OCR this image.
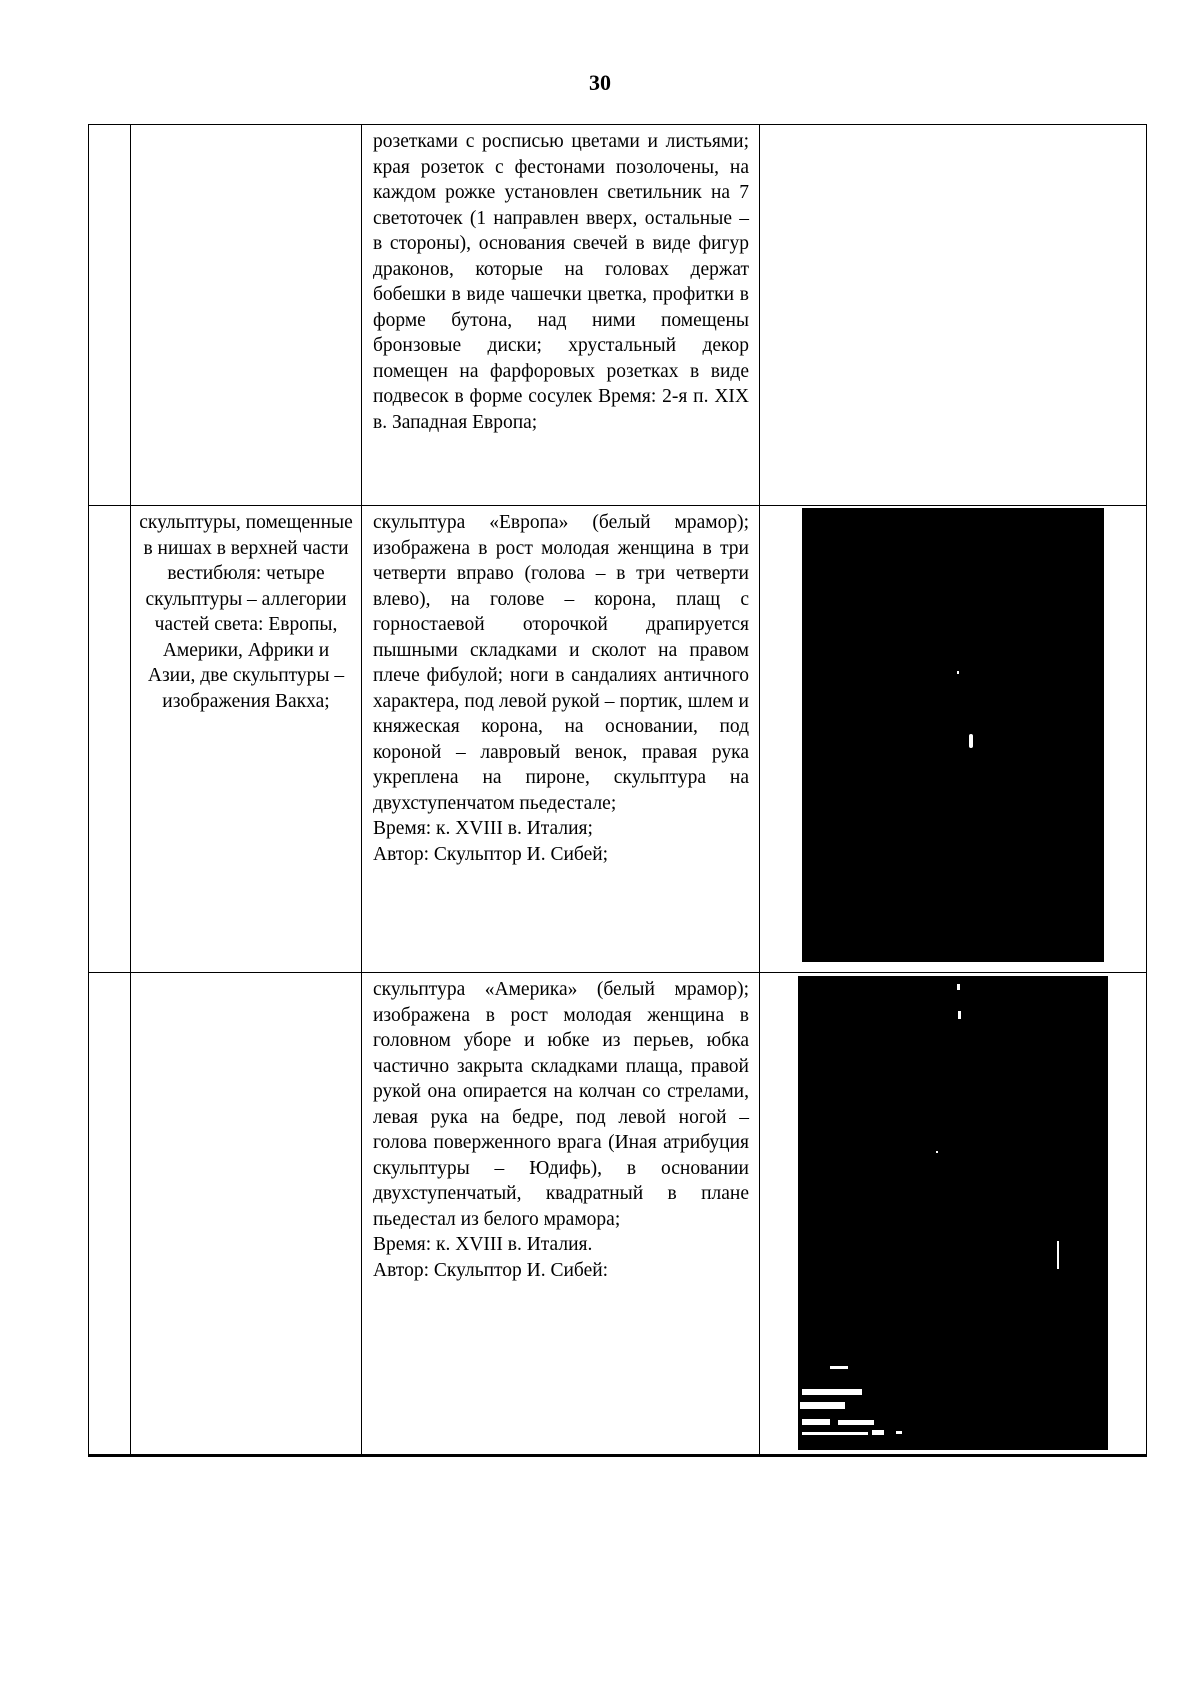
30

		розетками с росписью цветами и листьями; края розеток с фестонами позолочены, на каждом рожке установлен светильник на 7 светоточек (1 направлен вверх, остальные – в стороны), основания свечей в виде фигур драконов, которые на головах держат бобешки в виде чашечки цветка, профитки в форме бутона, над ними помещены бронзовые диски; хрустальный декор помещен на фарфоровых розетках в виде подвесок в форме сосулек Время: 2-я п. XIX в. Западная Европа;	

	скульптуры, помещенные в нишах в верхней части вестибюля: четыре скульптуры – аллегории частей света: Европы, Америки, Африки и Азии, две скульптуры – изображения Вакха;	скульптура «Европа» (белый мрамор); изображена в рост молодая женщина в три четверти вправо (голова – в три четверти влево), на голове – корона, плащ с горностаевой оторочкой драпируется пышными складками и сколот на правом плече фибулой; ноги в сандалиях античного характера, под левой рукой – портик, шлем и княжеская корона, на основании, под короной – лавровый венок, правая рука укреплена на пироне, скульптура на двухступенчатом пьедестале;

Время: к. XVIII в. Италия;

Автор: Скульптор И. Сибей;	

		скульптура «Америка» (белый мрамор); изображена в рост молодая женщина в головном уборе и юбке из перьев, юбка частично закрыта складками плаща, правой рукой она опирается на колчан со стрелами, левая рука на бедре, под левой ногой – голова поверженного врага (Иная атрибуция скульптуры – Юдифь), в основании двухступенчатый, квадратный в плане пьедестал из белого мрамора;

Время: к. XVIII в. Италия.

Автор: Скульптор И. Сибей:	
